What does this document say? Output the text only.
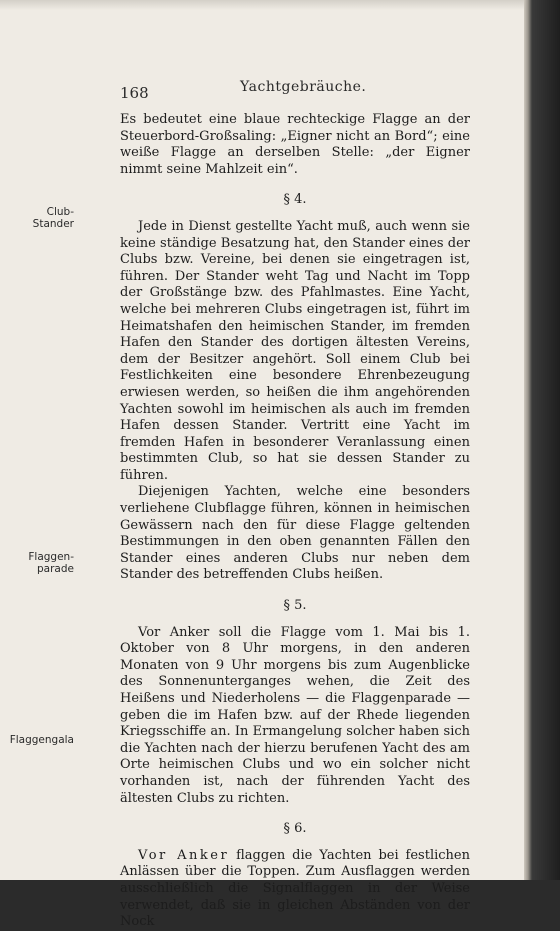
168	Yachtgebräuche.
Club-
Stander
Flaggen-
parade
Flaggengala

Es bedeutet eine blaue rechteckige Flagge an der Steuerbord-Großsaling: „Eigner nicht an Bord“; eine weiße Flagge an derselben Stelle: „der Eigner nimmt seine Mahlzeit ein“.

§ 4.

Jede in Dienst gestellte Yacht muß, auch wenn sie keine ständige Besatzung hat, den Stander eines der Clubs bzw. Vereine, bei denen sie eingetragen ist, führen. Der Stander weht Tag und Nacht im Topp der Großstänge bzw. des Pfahlmastes. Eine Yacht, welche bei mehreren Clubs eingetragen ist, führt im Heimatshafen den heimischen Stander, im fremden Hafen den Stander des dortigen ältesten Vereins, dem der Besitzer angehört. Soll einem Club bei Festlichkeiten eine besondere Ehrenbezeugung erwiesen werden, so heißen die ihm angehörenden Yachten sowohl im heimischen als auch im fremden Hafen dessen Stander. Vertritt eine Yacht im fremden Hafen in besonderer Veranlassung einen bestimmten Club, so hat sie dessen Stander zu führen.

Diejenigen Yachten, welche eine besonders verliehene Clubflagge führen, können in heimischen Gewässern nach den für diese Flagge geltenden Bestimmungen in den oben genannten Fällen den Stander eines anderen Clubs nur neben dem Stander des betreffenden Clubs heißen.

§ 5.

Vor Anker soll die Flagge vom 1. Mai bis 1. Oktober von 8 Uhr morgens, in den anderen Monaten von 9 Uhr morgens bis zum Augenblicke des Sonnenunterganges wehen, die Zeit des Heißens und Niederholens — die Flaggenparade — geben die im Hafen bzw. auf der Rhede liegenden Kriegsschiffe an. In Ermangelung solcher haben sich die Yachten nach der hierzu berufenen Yacht des am Orte heimischen Clubs und wo ein solcher nicht vorhanden ist, nach der führenden Yacht des ältesten Clubs zu richten.

§ 6.

Vor Anker flaggen die Yachten bei festlichen Anlässen über die Toppen. Zum Ausflaggen werden ausschließlich die Signalflaggen in der Weise verwendet, daß sie in gleichen Abständen von der Nock
